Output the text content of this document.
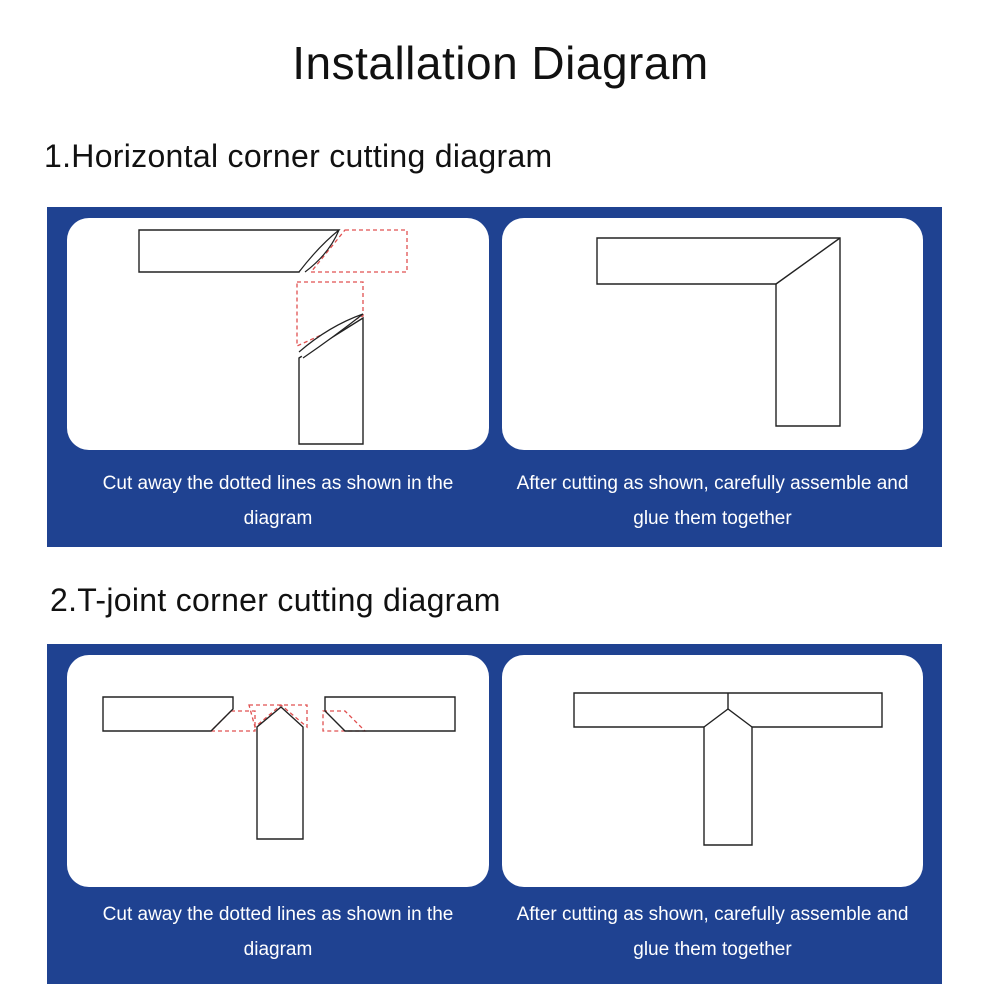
Installation Diagram
1.Horizontal corner cutting diagram
Cut away the dotted lines as shown in the diagram
After cutting as shown, carefully assemble and glue them together
2.T-joint corner cutting diagram
Cut away the dotted lines as shown in the diagram
After cutting as shown, carefully assemble and glue them together
